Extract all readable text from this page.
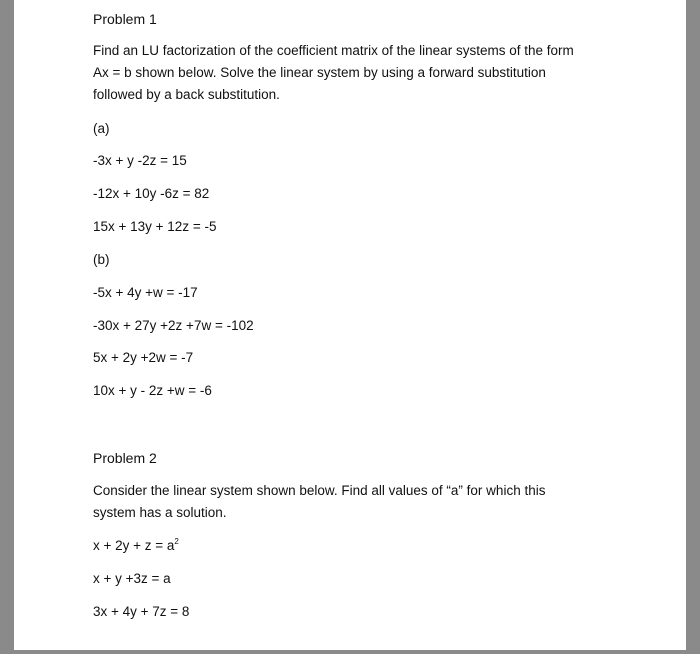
Problem 1
Find an LU factorization of the coefficient matrix of the linear systems of the form
Ax = b shown below. Solve the linear system by using a forward substitution
followed by a back substitution.
(a)
-3x + y -2z = 15
-12x + 10y -6z = 82
15x + 13y + 12z = -5
(b)
-5x + 4y +w = -17
-30x + 27y +2z +7w = -102
5x + 2y +2w = -7
10x + y - 2z +w = -6
Problem 2
Consider the linear system shown below. Find all values of “a” for which this
system has a solution.
$x + 2y + z = a^2$
x + y +3z = a
3x + 4y + 7z = 8
